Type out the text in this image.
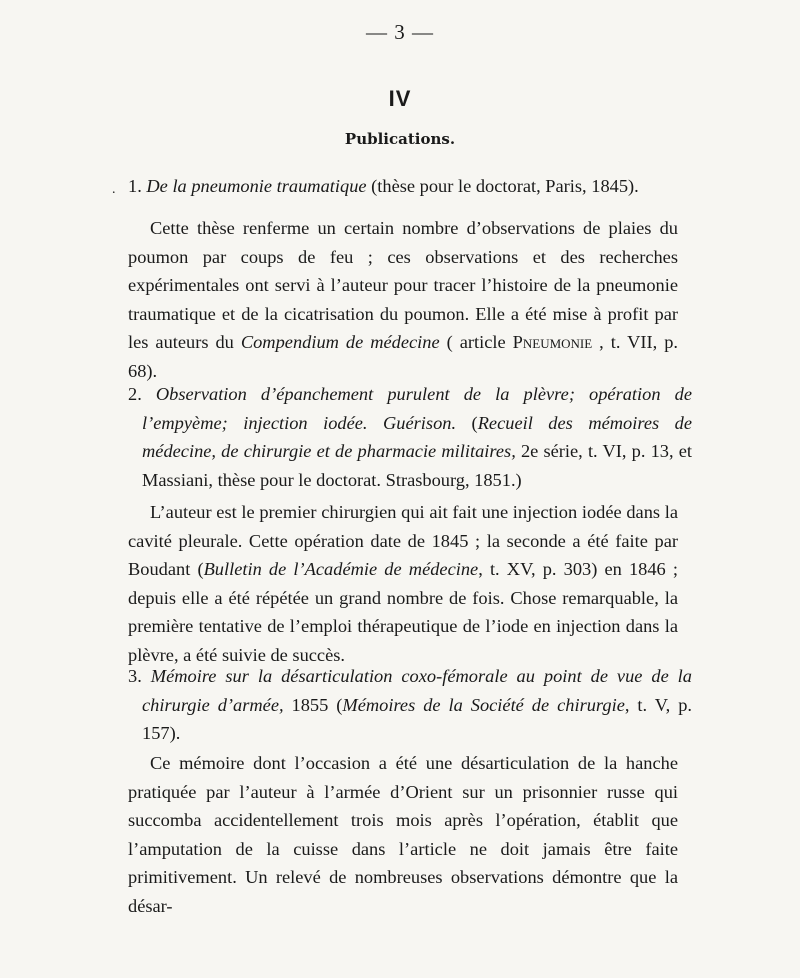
— 3 —
IV
Publications.
. 1. De la pneumonie traumatique (thèse pour le doctorat, Paris, 1845).

Cette thèse renferme un certain nombre d’observations de plaies du poumon par coups de feu ; ces observations et des recherches expérimentales ont servi à l’auteur pour tracer l’histoire de la pneumonie traumatique et de la cicatrisation du poumon. Elle a été mise à profit par les auteurs du Compendium de médecine ( article Pneumonie , t. VII, p. 68).

2. Observation d’épanchement purulent de la plèvre; opération de l’empyème; injection iodée. Guérison. (Recueil des mémoires de médecine, de chirurgie et de pharmacie militaires, 2e série, t. VI, p. 13, et Massiani, thèse pour le doctorat. Strasbourg, 1851.)

L’auteur est le premier chirurgien qui ait fait une injection iodée dans la cavité pleurale. Cette opération date de 1845 ; la seconde a été faite par Boudant (Bulletin de l’Académie de médecine, t. XV, p. 303) en 1846 ; depuis elle a été répétée un grand nombre de fois. Chose remarquable, la première tentative de l’emploi thérapeutique de l’iode en injection dans la plèvre, a été suivie de succès.

3. Mémoire sur la désarticulation coxo-fémorale au point de vue de la chirurgie d’armée, 1855 (Mémoires de la Société de chirurgie, t. V, p. 157).

Ce mémoire dont l’occasion a été une désarticulation de la hanche pratiquée par l’auteur à l’armée d’Orient sur un prisonnier russe qui succomba accidentellement trois mois après l’opération, établit que l’amputation de la cuisse dans l’article ne doit jamais être faite primitivement. Un relevé de nombreuses observations démontre que la désar-
